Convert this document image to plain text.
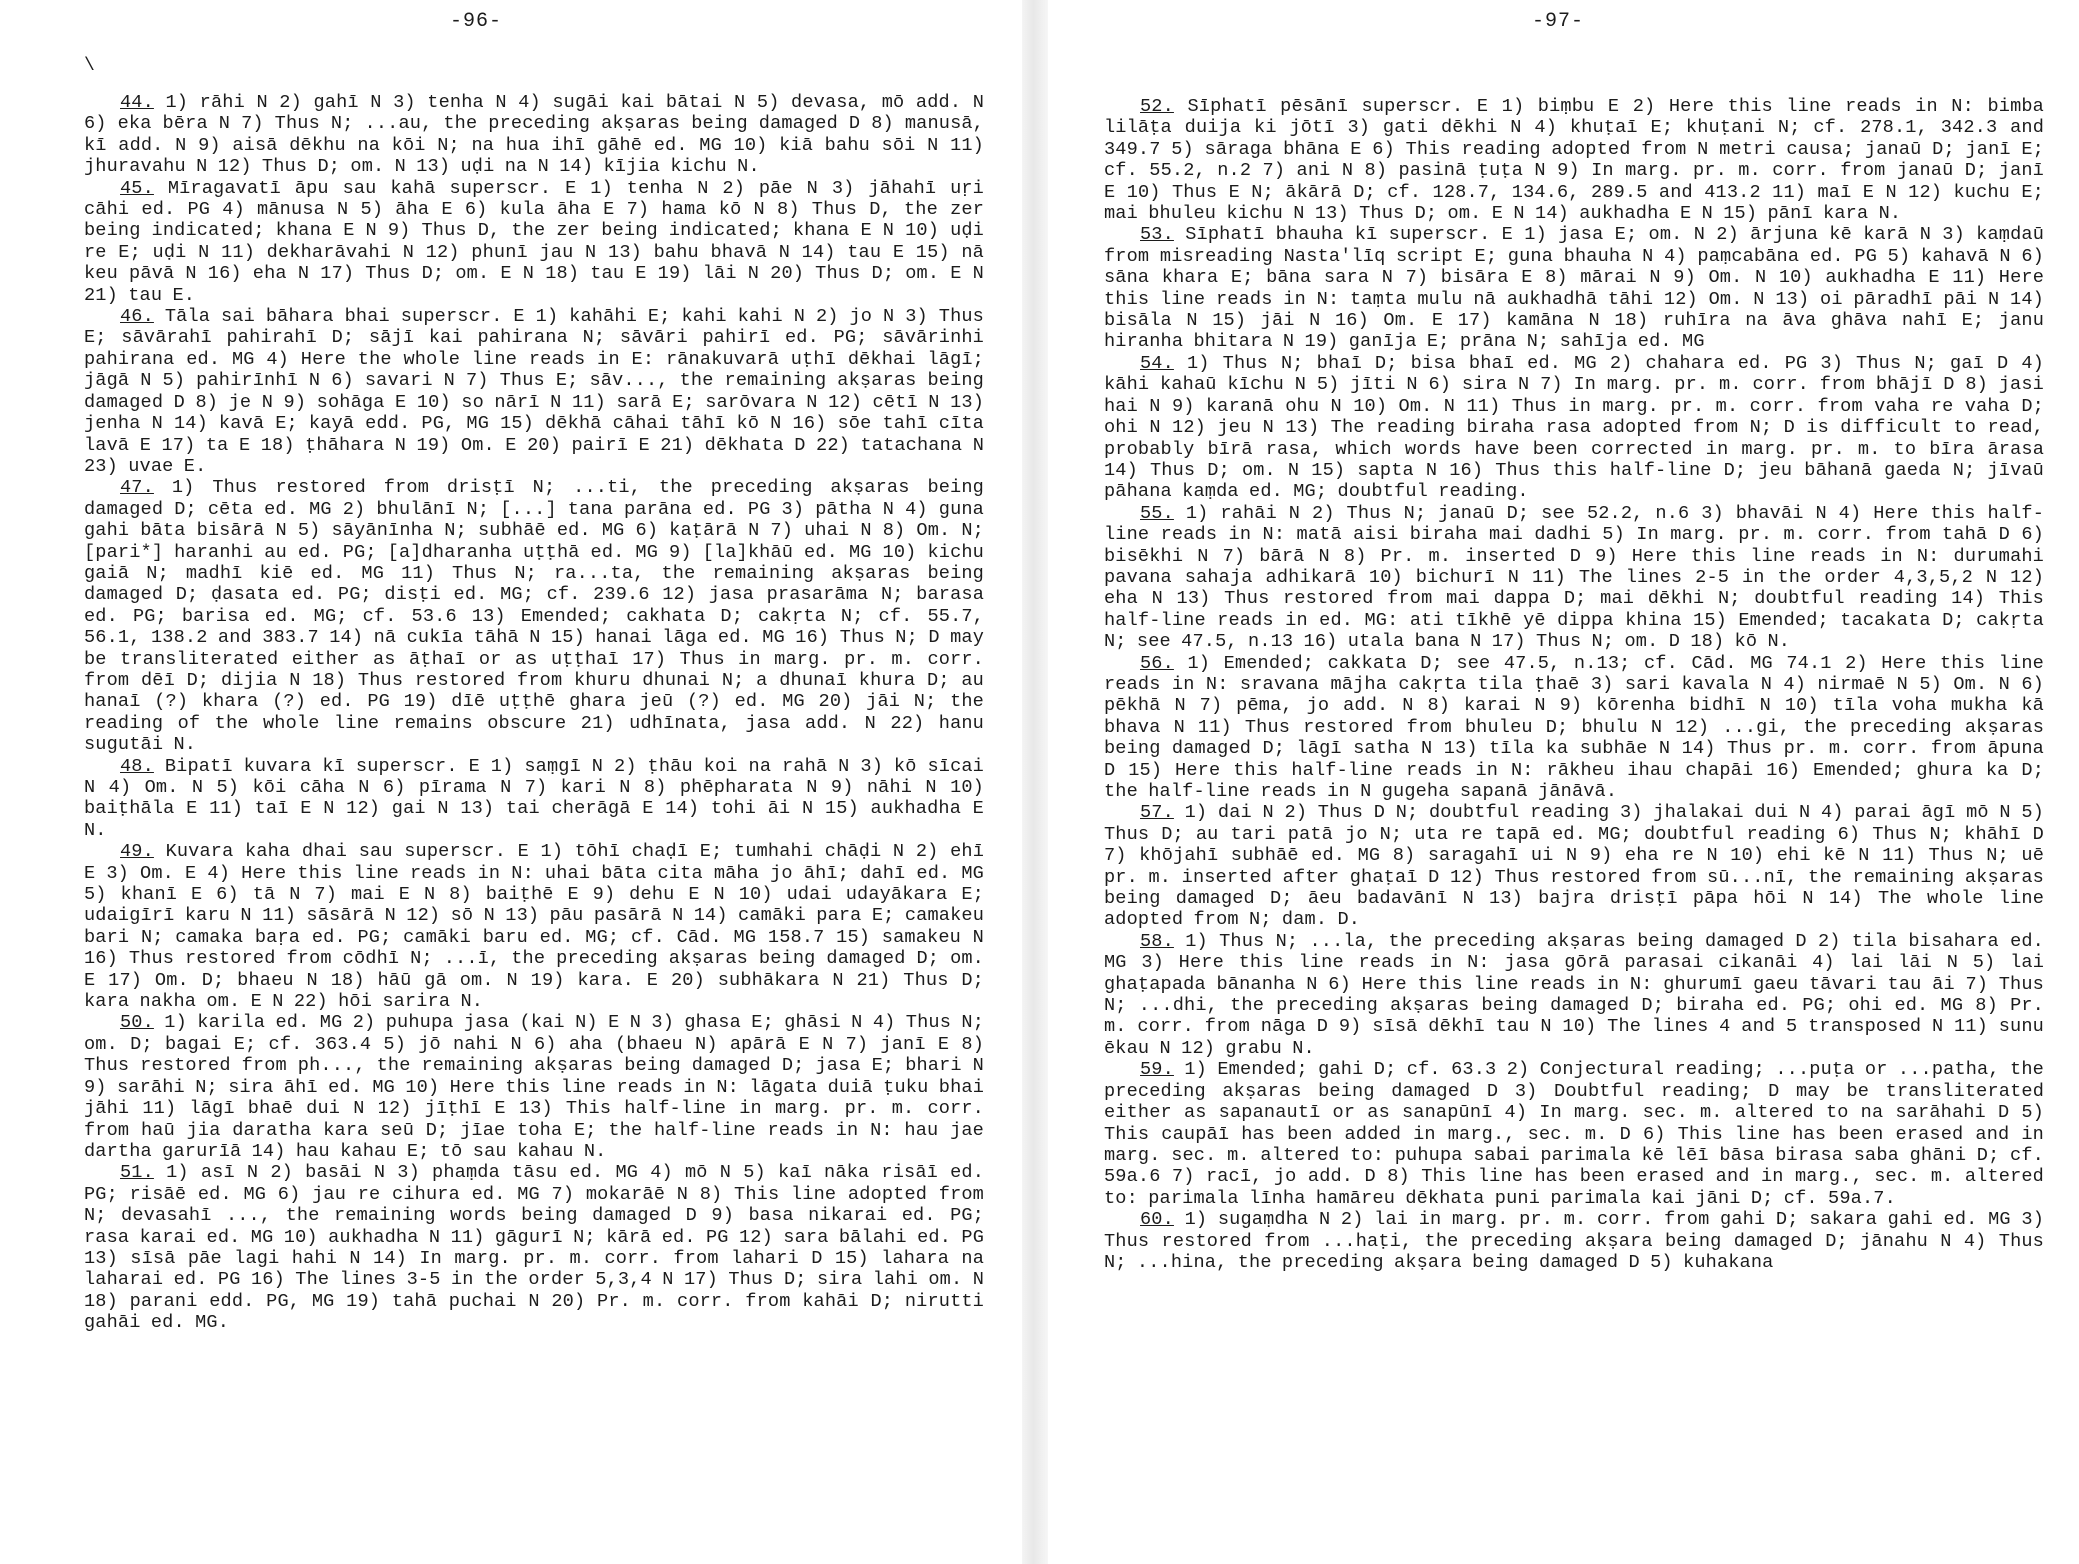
-96-
\

44. 1) rāhi N 2) gahī N 3) tenha N 4) sugāi kai bātai N 5) devasa, mō add. N 6) eka bēra N 7) Thus N; ...au, the preceding akṣaras being damaged D 8) manusā, kī add. N 9) aisā dēkhu na kōi N; na hua ihī gāhē ed. MG 10) kiā bahu sōi N 11) jhuravahu N 12) Thus D; om. N 13) uḍi na N 14) kījia kichu N.

45. Mīragavatī āpu sau kahā superscr. E 1) tenha N 2) pāe N 3) jāhahī uṛi cāhi ed. PG 4) mānusa N 5) āha E 6) kula āha E 7) hama kō N 8) Thus D, the zer being indicated; khana E N 9) Thus D, the zer being indicated; khana E N 10) uḍi re E; uḍi N 11) dekharāvahi N 12) phunī jau N 13) bahu bhavā N 14) tau E 15) nā keu pāvā N 16) eha N 17) Thus D; om. E N 18) tau E 19) lāi N 20) Thus D; om. E N 21) tau E.

46. Tāla sai bāhara bhai superscr. E 1) kahāhi E; kahi kahi N 2) jo N 3) Thus E; sāvārahī pahirahī D; sājī kai pahirana N; sāvāri pahirī ed. PG; sāvārinhi pahirana ed. MG 4) Here the whole line reads in E: rānakuvarā uṭhī dēkhai lāgī; jāgā N 5) pahirīnhī N 6) savari N 7) Thus E; sāv..., the remaining akṣaras being damaged D 8) je N 9) sohāga E 10) so nārī N 11) sarā E; sarōvara N 12) cētī N 13) jenha N 14) kavā E; kayā edd. PG, MG 15) dēkhā cāhai tāhī kō N 16) sōe tahī cīta lavā E 17) ta E 18) ṭhāhara N 19) Om. E 20) pairī E 21) dēkhata D 22) tatachana N 23) uvae E.

47. 1) Thus restored from drisṭī N; ...ti, the preceding akṣaras being damaged D; cēta ed. MG 2) bhulānī N; [...] tana parāna ed. PG 3) pātha N 4) guna gahi bāta bisārā N 5) sāyānīnha N; subhāē ed. MG 6) kaṭārā N 7) uhai N 8) Om. N; [pari*] haranhi au ed. PG; [a]dharanha uṭṭhā ed. MG 9) [la]khāū ed. MG 10) kichu gaiā N; madhī kiē ed. MG 11) Thus N; ra...ta, the remaining akṣaras being damaged D; ḍasata ed. PG; disṭi ed. MG; cf. 239.6 12) jasa prasarāma N; barasa ed. PG; barisa ed. MG; cf. 53.6 13) Emended; cakhata D; cakṛta N; cf. 55.7, 56.1, 138.2 and 383.7 14) nā cukīa tāhā N 15) hanai lāga ed. MG 16) Thus N; D may be transliterated either as āṭhaī or as uṭṭhaī 17) Thus in marg. pr. m. corr. from dēī D; dijia N 18) Thus restored from khuru dhunai N; a dhunaī khura D; au hanaī (?) khara (?) ed. PG 19) dīē uṭṭhē ghara jeū (?) ed. MG 20) jāi N; the reading of the whole line remains obscure 21) udhīnata, jasa add. N 22) hanu sugutāi N.

48. Bipatī kuvara kī superscr. E 1) saṃgī N 2) ṭhāu koi na rahā N 3) kō sīcai N 4) Om. N 5) kōi cāha N 6) pīrama N 7) kari N 8) phēpharata N 9) nāhi N 10) baiṭhāla E 11) taī E N 12) gai N 13) tai cherāgā E 14) tohi āi N 15) aukhadha E N.

49. Kuvara kaha dhai sau superscr. E 1) tōhī chaḍī E; tumhahi chāḍi N 2) ehī E 3) Om. E 4) Here this line reads in N: uhai bāta cita māha jo āhī; dahī ed. MG 5) khanī E 6) tā N 7) mai E N 8) baiṭhē E 9) dehu E N 10) udai udayākara E; udaigīrī karu N 11) sāsārā N 12) sō N 13) pāu pasārā N 14) camāki para E; camakeu bari N; camaka baṛa ed. PG; camāki baru ed. MG; cf. Cād. MG 158.7 15) samakeu N 16) Thus restored from cōdhī N; ...ī, the preceding akṣaras being damaged D; om. E 17) Om. D; bhaeu N 18) hāū gā om. N 19) kara. E 20) subhākara N 21) Thus D; kara nakha om. E N 22) hōi sarira N.

50. 1) karila ed. MG 2) puhupa jasa (kai N) E N 3) ghasa E; ghāsi N 4) Thus N; om. D; bagai E; cf. 363.4 5) jō nahi N 6) aha (bhaeu N) apārā E N 7) janī E 8) Thus restored from ph..., the remaining akṣaras being damaged D; jasa E; bhari N 9) sarāhi N; sira āhī ed. MG 10) Here this line reads in N: lāgata duiā ṭuku bhai jāhi 11) lāgī bhaē dui N 12) jīṭhī E 13) This half-line in marg. pr. m. corr. from haū jia daratha kara seū D; jīae toha E; the half-line reads in N: hau jae dartha garurīā 14) hau kahau E; tō sau kahau N.

51. 1) asī N 2) basāi N 3) phaṃda tāsu ed. MG 4) mō N 5) kaī nāka risāī ed. PG; risāē ed. MG 6) jau re cihura ed. MG 7) mokarāē N 8) This line adopted from N; devasahī ..., the remaining words being damaged D 9) basa nikarai ed. PG; rasa karai ed. MG 10) aukhadha N 11) gāgurī N; kārā ed. PG 12) sara bālahi ed. PG 13) sīsā pāe lagi hahi N 14) In marg. pr. m. corr. from lahari D 15) lahara na laharai ed. PG 16) The lines 3-5 in the order 5,3,4 N 17) Thus D; sira lahi om. N 18) parani edd. PG, MG 19) tahā puchai N 20) Pr. m. corr. from kahāi D; nirutti gahāi ed. MG.

-97-

52. Sīphatī pēsānī superscr. E 1) biṃbu E 2) Here this line reads in N: bimba lilāṭa duija ki jōtī 3) gati dēkhi N 4) khuṭaī E; khuṭani N; cf. 278.1, 342.3 and 349.7 5) sāraga bhāna E 6) This reading adopted from N metri causa; janaū D; janī E; cf. 55.2, n.2 7) ani N 8) pasinā ṭuṭa N 9) In marg. pr. m. corr. from janaū D; janī E 10) Thus E N; ākārā D; cf. 128.7, 134.6, 289.5 and 413.2 11) maī E N 12) kuchu E; mai bhuleu kichu N 13) Thus D; om. E N 14) aukhadha E N 15) pānī kara N.

53. Sīphatī bhauha kī superscr. E 1) jasa E; om. N 2) ārjuna kē karā N 3) kaṃdaū from misreading Nasta'līq script E; guna bhauha N 4) paṃcabāna ed. PG 5) kahavā N 6) sāna khara E; bāna sara N 7) bisāra E 8) mārai N 9) Om. N 10) aukhadha E 11) Here this line reads in N: taṃta mulu nā aukhadhā tāhi 12) Om. N 13) oi pāradhī pāi N 14) bisāla N 15) jāi N 16) Om. E 17) kamāna N 18) ruhīra na āva ghāva nahī E; janu hiranha bhitara N 19) ganīja E; prāna N; sahīja ed. MG

54. 1) Thus N; bhaī D; bisa bhaī ed. MG 2) chahara ed. PG 3) Thus N; gaī D 4) kāhi kahaū kīchu N 5) jīti N 6) sira N 7) In marg. pr. m. corr. from bhājī D 8) jasi hai N 9) karanā ohu N 10) Om. N 11) Thus in marg. pr. m. corr. from vaha re vaha D; ohi N 12) jeu N 13) The reading biraha rasa adopted from N; D is difficult to read, probably bīrā rasa, which words have been corrected in marg. pr. m. to bīra ārasa 14) Thus D; om. N 15) sapta N 16) Thus this half-line D; jeu bāhanā gaeda N; jīvaū pāhana kaṃda ed. MG; doubtful reading.

55. 1) rahāi N 2) Thus N; janaū D; see 52.2, n.6 3) bhavāi N 4) Here this half-line reads in N: matā aisi biraha mai dadhi 5) In marg. pr. m. corr. from tahā D 6) bisēkhi N 7) bārā N 8) Pr. m. inserted D 9) Here this line reads in N: durumahi pavana sahaja adhikarā 10) bichurī N 11) The lines 2-5 in the order 4,3,5,2 N 12) eha N 13) Thus restored from mai dappa D; mai dēkhi N; doubtful reading 14) This half-line reads in ed. MG: ati tīkhē yē dippa khina 15) Emended; tacakata D; cakṛta N; see 47.5, n.13 16) utala bana N 17) Thus N; om. D 18) kō N.

56. 1) Emended; cakkata D; see 47.5, n.13; cf. Cād. MG 74.1 2) Here this line reads in N: sravana mājha cakṛta tila ṭhaē 3) sari kavala N 4) nirmaē N 5) Om. N 6) pēkhā N 7) pēma, jo add. N 8) karai N 9) kōrenha bidhī N 10) tīla voha mukha kā bhava N 11) Thus restored from bhuleu D; bhulu N 12) ...gi, the preceding akṣaras being damaged D; lāgī satha N 13) tīla ka subhāe N 14) Thus pr. m. corr. from āpuna D 15) Here this half-line reads in N: rākheu ihau chapāi 16) Emended; ghura ka D; the half-line reads in N gugeha sapanā jānāvā.

57. 1) dai N 2) Thus D N; doubtful reading 3) jhalakai dui N 4) parai āgī mō N 5) Thus D; au tari patā jo N; uta re tapā ed. MG; doubtful reading 6) Thus N; khāhī D 7) khōjahī subhāē ed. MG 8) saragahī ui N 9) eha re N 10) ehi kē N 11) Thus N; uē pr. m. inserted after ghaṭaī D 12) Thus restored from sū...nī, the remaining akṣaras being damaged D; āeu badavānī N 13) bajra drisṭī pāpa hōi N 14) The whole line adopted from N; dam. D.

58. 1) Thus N; ...la, the preceding akṣaras being damaged D 2) tila bisahara ed. MG 3) Here this line reads in N: jasa gōrā parasai cikanāi 4) lai lāi N 5) lai ghaṭapada bānanha N 6) Here this line reads in N: ghurumī gaeu tāvari tau āi 7) Thus N; ...dhi, the preceding akṣaras being damaged D; biraha ed. PG; ohi ed. MG 8) Pr. m. corr. from nāga D 9) sīsā dēkhī tau N 10) The lines 4 and 5 transposed N 11) sunu ēkau N 12) grabu N.

59. 1) Emended; gahi D; cf. 63.3 2) Conjectural reading; ...puṭa or ...patha, the preceding akṣaras being damaged D 3) Doubtful reading; D may be transliterated either as sapanautī or as sanapūnī 4) In marg. sec. m. altered to na sarāhahi D 5) This caupāī has been added in marg., sec. m. D 6) This line has been erased and in marg. sec. m. altered to: puhupa sabai parimala kē lēī bāsa birasa saba ghāni D; cf. 59a.6 7) racī, jo add. D 8) This line has been erased and in marg., sec. m. altered to: parimala līnha hamāreu dēkhata puni parimala kai jāni D; cf. 59a.7.

60. 1) sugaṃdha N 2) lai in marg. pr. m. corr. from gahi D; sakara gahi ed. MG 3) Thus restored from ...haṭi, the preceding akṣara being damaged D; jānahu N 4) Thus N; ...hina, the preceding akṣara being damaged D 5) kuhakana
